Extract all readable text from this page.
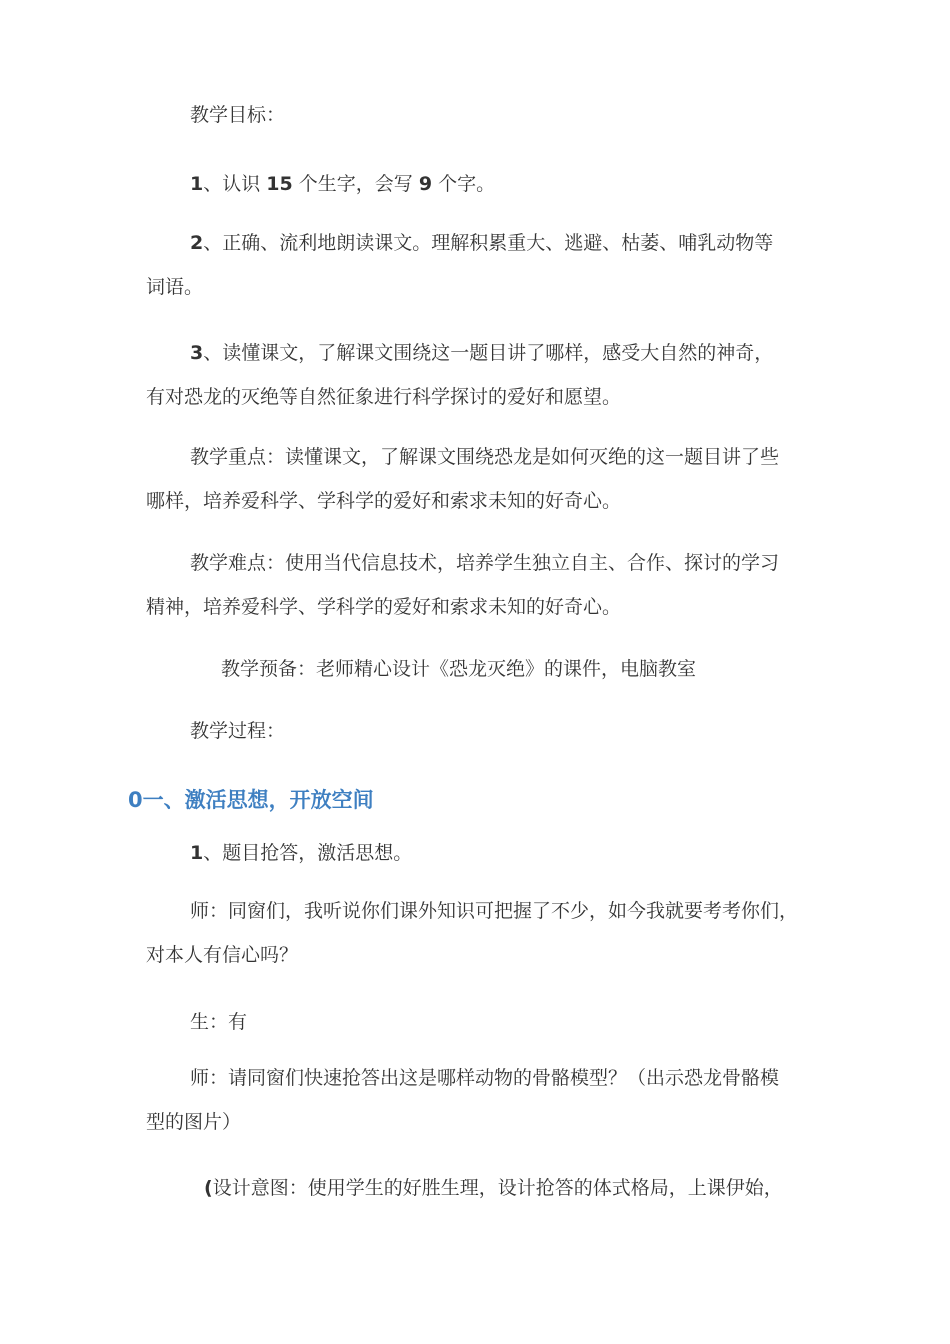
教学目标：

1、认识 15 个生字，会写 9 个字。

2、正确、流利地朗读课文。理解积累重大、逃避、枯萎、哺乳动物等
词语。

3、读懂课文，了解课文围绕这一题目讲了哪样，感受大自然的神奇，
有对恐龙的灭绝等自然征象进行科学探讨的爱好和愿望。

教学重点：读懂课文，了解课文围绕恐龙是如何灭绝的这一题目讲了些
哪样，培养爱科学、学科学的爱好和索求未知的好奇心。

教学难点：使用当代信息技术，培养学生独立自主、合作、探讨的学习
精神，培养爱科学、学科学的爱好和索求未知的好奇心。

教学预备：老师精心设计《恐龙灭绝》的课件，电脑教室

教学过程：

0一、激活思想，开放空间

1、题目抢答，激活思想。

师：同窗们，我听说你们课外知识可把握了不少，如今我就要考考你们，
对本人有信心吗？

生：有

师：请同窗们快速抢答出这是哪样动物的骨骼模型？（出示恐龙骨骼模
型的图片）

(设计意图：使用学生的好胜生理，设计抢答的体式格局，上课伊始，
